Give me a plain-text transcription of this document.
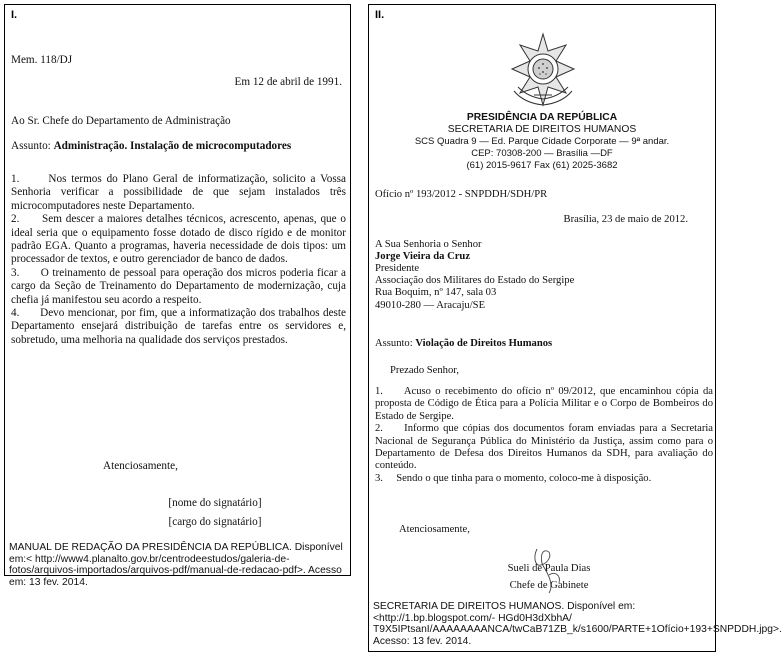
I.
Mem. 118/DJ
Em 12 de abril de 1991.
Ao Sr. Chefe do Departamento de Administração
Assunto: Administração. Instalação de microcomputadores
1.      Nos termos do Plano Geral de informatização, solicito a Vossa Senhoria verificar a possibilidade de que sejam instalados três microcomputadores neste Departamento.
2.      Sem descer a maiores detalhes técnicos, acrescento, apenas, que o ideal seria que o equipamento fosse dotado de disco rígido e de monitor padrão EGA. Quanto a programas, haveria necessidade de dois tipos: um processador de textos, e outro gerenciador de banco de dados.
3.      O treinamento de pessoal para operação dos micros poderia ficar a cargo da Seção de Treinamento do Departamento de modernização, cuja chefia já manifestou seu acordo a respeito.
4.      Devo mencionar, por fim, que a informatização dos trabalhos deste Departamento ensejará distribuição de tarefas entre os servidores e, sobretudo, uma melhoria na qualidade dos serviços prestados.
Atenciosamente,
[nome do signatário]
[cargo do signatário]
MANUAL DE REDAÇÃO DA PRESIDÊNCIA DA REPÚBLICA. Disponível em:< http://www4.planalto.gov.br/centrodeestudos/galeria-de-fotos/arquivos-importados/arquivos-pdf/manual-de-redacao-pdf>. Acesso em: 13 fev. 2014.
II.
PRESIDÊNCIA DA REPÚBLICA
SECRETARIA DE DIREITOS HUMANOS
SCS Quadra 9 — Ed. Parque Cidade Corporate — 9ª andar.
CEP: 70308-200 — Brasília —DF
(61) 2015-9617 Fax (61) 2025-3682
Ofício nº 193/2012 - SNPDDH/SDH/PR
Brasília, 23 de maio de 2012.
A Sua Senhoria o Senhor
Jorge Vieira da Cruz
Presidente
Associação dos Militares do Estado do Sergipe
Rua Boquim, nº 147, sala 03
49010-280 — Aracaju/SE
Assunto: Violação de Direitos Humanos
Prezado Senhor,
1.     Acuso o recebimento do ofício nº 09/2012, que encaminhou cópia da proposta de Código de Ética para a Polícia Militar e o Corpo de Bombeiros do Estado de Sergipe.
2.     Informo que cópias dos documentos foram enviadas para a Secretaria Nacional de Segurança Pública do Ministério da Justiça, assim como para o Departamento de Defesa dos Direitos Humanos da SDH, para avaliação do conteúdo.
3.     Sendo o que tinha para o momento, coloco-me à disposição.
Atenciosamente,
Sueli de Paula Dias
Chefe de Gabinete
SECRETARIA DE DIREITOS HUMANOS. Disponível em:<http://1.bp.blogspot.com/- HGd0H3dXbhA/ T9X5IPtsanI/AAAAAAAANCA/twCaB71ZB_k/s1600/PARTE+1Ofício+193+SNPDDH.jpg>. Acesso: 13 fev. 2014.
